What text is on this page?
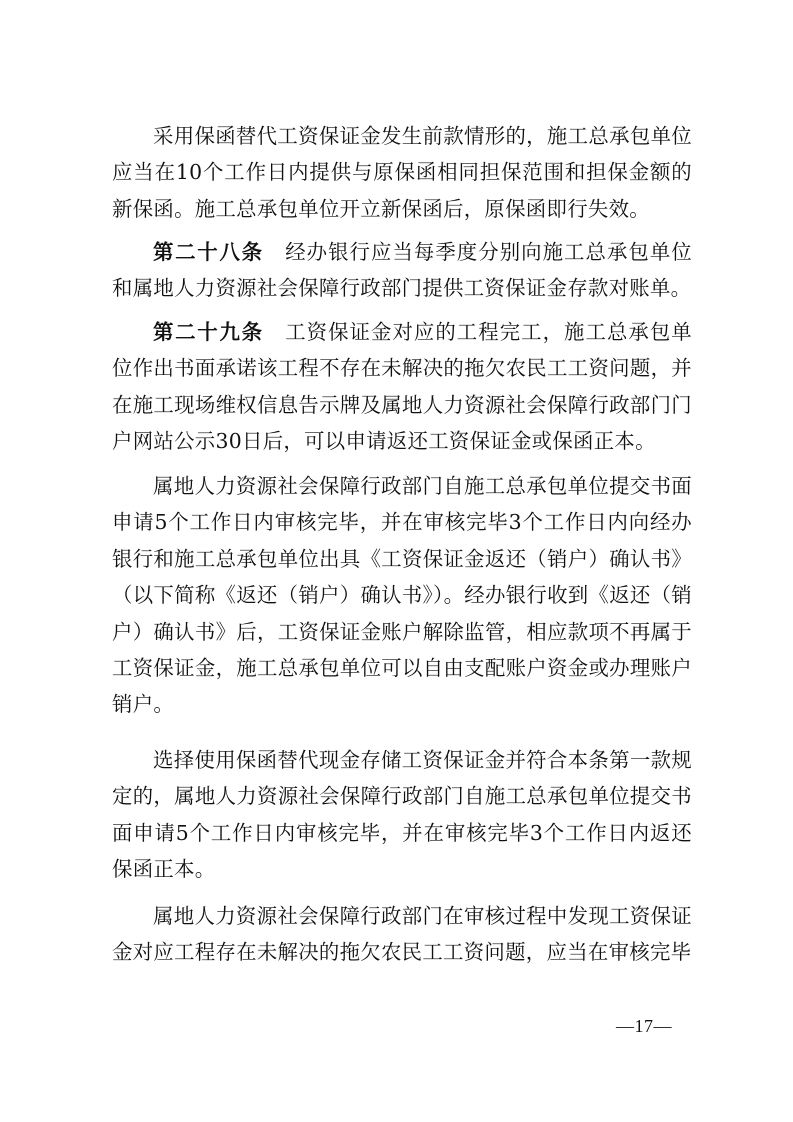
采用保函替代工资保证金发生前款情形的，施工总承包单位应当在10个工作日内提供与原保函相同担保范围和担保金额的新保函。施工总承包单位开立新保函后，原保函即行失效。

第二十八条　 经办银行应当每季度分别向施工总承包单位和属地人力资源社会保障行政部门提供工资保证金存款对账单。

第二十九条　 工资保证金对应的工程完工，施工总承包单位作出书面承诺该工程不存在未解决的拖欠农民工工资问题，并在施工现场维权信息告示牌及属地人力资源社会保障行政部门门户网站公示30日后，可以申请返还工资保证金或保函正本。

属地人力资源社会保障行政部门自施工总承包单位提交书面申请5个工作日内审核完毕，并在审核完毕3个工作日内向经办银行和施工总承包单位出具《工资保证金返还（销户）确认书》（以下简称《返还（销户）确认书》）。经办银行收到《返还（销户）确认书》后，工资保证金账户解除监管，相应款项不再属于工资保证金，施工总承包单位可以自由支配账户资金或办理账户销户。

选择使用保函替代现金存储工资保证金并符合本条第一款规定的，属地人力资源社会保障行政部门自施工总承包单位提交书面申请5个工作日内审核完毕，并在审核完毕3个工作日内返还保函正本。

属地人力资源社会保障行政部门在审核过程中发现工资保证金对应工程存在未解决的拖欠农民工工资问题，应当在审核完毕

—17—
